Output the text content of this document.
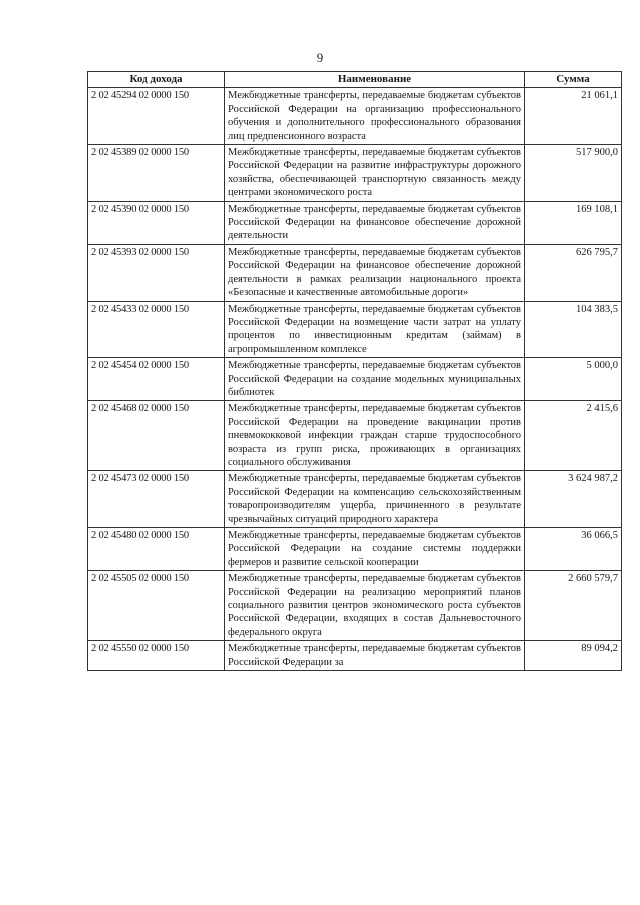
9
Код дохода	Наименование	Сумма
2 02 45294 02 0000 150	Межбюджетные трансферты, передаваемые бюджетам субъектов Российской Федерации на организацию профессионального обучения и дополнительного профессионального образования лиц предпенсионного возраста	21 061,1
2 02 45389 02 0000 150	Межбюджетные трансферты, передаваемые бюджетам субъектов Российской Федерации на развитие инфраструктуры дорожного хозяйства, обеспечивающей транспортную связанность между центрами экономического роста	517 900,0
2 02 45390 02 0000 150	Межбюджетные трансферты, передаваемые бюджетам субъектов Российской Федерации на финансовое обеспечение дорожной деятельности	169 108,1
2 02 45393 02 0000 150	Межбюджетные трансферты, передаваемые бюджетам субъектов Российской Федерации на финансовое обеспечение дорожной деятельности в рамках реализации национального проекта «Безопасные и качественные автомобильные дороги»	626 795,7
2 02 45433 02 0000 150	Межбюджетные трансферты, передаваемые бюджетам субъектов Российской Федерации на возмещение части затрат на уплату процентов по инвестиционным кредитам (займам) в агропромышленном комплексе	104 383,5
2 02 45454 02 0000 150	Межбюджетные трансферты, передаваемые бюджетам субъектов Российской Федерации на создание модельных муниципальных библиотек	5 000,0
2 02 45468 02 0000 150	Межбюджетные трансферты, передаваемые бюджетам субъектов Российской Федерации на проведение вакцинации против пневмококковой инфекции граждан старше трудоспособного возраста из групп риска, проживающих в организациях социального обслуживания	2 415,6
2 02 45473 02 0000 150	Межбюджетные трансферты, передаваемые бюджетам субъектов Российской Федерации на компенсацию сельскохозяйственным товаропроизводителям ущерба, причиненного в результате чрезвычайных ситуаций природного характера	3 624 987,2
2 02 45480 02 0000 150	Межбюджетные трансферты, передаваемые бюджетам субъектов Российской Федерации на создание системы поддержки фермеров и развитие сельской кооперации	36 066,5
2 02 45505 02 0000 150	Межбюджетные трансферты, передаваемые бюджетам субъектов Российской Федерации на реализацию мероприятий планов социального развития центров экономического роста субъектов Российской Федерации, входящих в состав Дальневосточного федерального округа	2 660 579,7
2 02 45550 02 0000 150	Межбюджетные трансферты, передаваемые бюджетам субъектов Российской Федерации за	89 094,2
